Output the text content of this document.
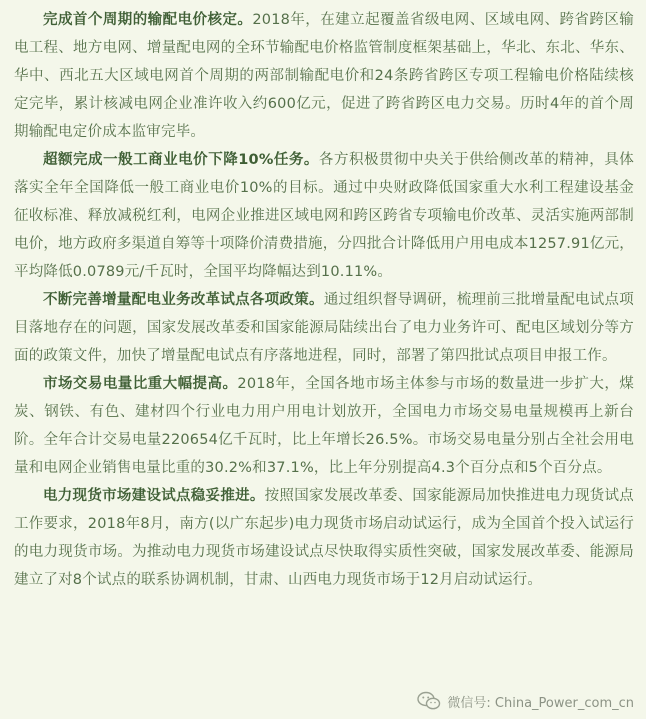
完成首个周期的输配电价核定。2018年，在建立起覆盖省级电网、区域电网、跨省跨区输电工程、地方电网、增量配电网的全环节输配电价格监管制度框架基础上，华北、东北、华东、华中、西北五大区域电网首个周期的两部制输配电价和24条跨省跨区专项工程输电价格陆续核定完毕，累计核减电网企业准许收入约600亿元，促进了跨省跨区电力交易。历时4年的首个周期输配电定价成本监审完毕。

超额完成一般工商业电价下降10%任务。各方积极贯彻中央关于供给侧改革的精神，具体落实全年全国降低一般工商业电价10%的目标。通过中央财政降低国家重大水利工程建设基金征收标准、释放减税红利，电网企业推进区域电网和跨区跨省专项输电价改革、灵活实施两部制电价，地方政府多渠道自筹等十项降价清费措施，分四批合计降低用户用电成本1257.91亿元，平均降低0.0789元/千瓦时，全国平均降幅达到10.11%。

不断完善增量配电业务改革试点各项政策。通过组织督导调研，梳理前三批增量配电试点项目落地存在的问题，国家发展改革委和国家能源局陆续出台了电力业务许可、配电区域划分等方面的政策文件，加快了增量配电试点有序落地进程，同时，部署了第四批试点项目申报工作。

市场交易电量比重大幅提高。2018年，全国各地市场主体参与市场的数量进一步扩大，煤炭、钢铁、有色、建材四个行业电力用户用电计划放开，全国电力市场交易电量规模再上新台阶。全年合计交易电量220654亿千瓦时，比上年增长26.5%。市场交易电量分别占全社会用电量和电网企业销售电量比重的30.2%和37.1%，比上年分别提高4.3个百分点和5个百分点。

电力现货市场建设试点稳妥推进。按照国家发展改革委、国家能源局加快推进电力现货试点工作要求，2018年8月，南方(以广东起步)电力现货市场启动试运行，成为全国首个投入试运行的电力现货市场。为推动电力现货市场建设试点尽快取得实质性突破，国家发展改革委、能源局建立了对8个试点的联系协调机制，甘肃、山西电力现货市场于12月启动试运行。

微信号: China_Power_com_cn
